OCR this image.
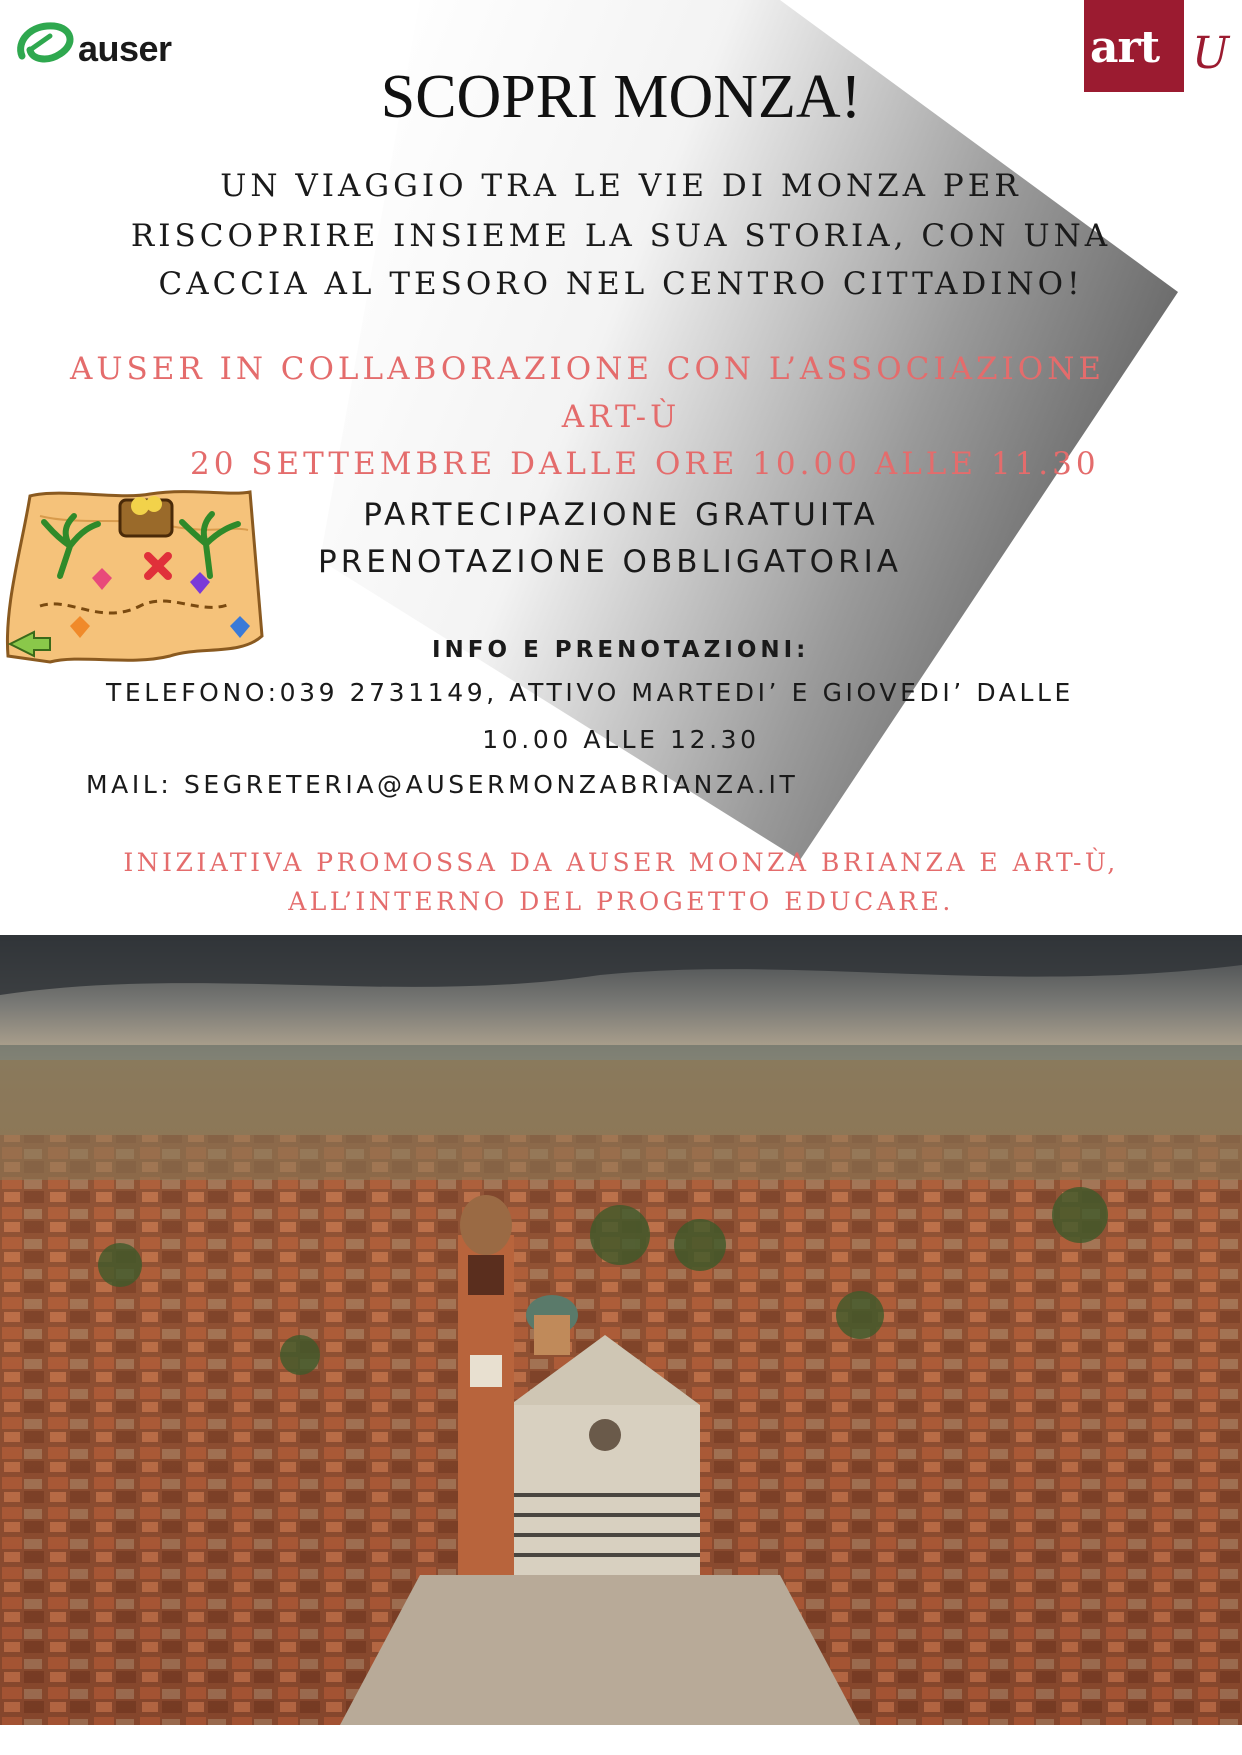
auser	art U
SCOPRI MONZA!
UN VIAGGIO TRA LE VIE DI MONZA PER
RISCOPRIRE INSIEME LA SUA STORIA, CON UNA
CACCIA AL TESORO NEL CENTRO CITTADINO!
AUSER IN COLLABORAZIONE CON L’ASSOCIAZIONE
ART-Ù
20 SETTEMBRE DALLE ORE 10.00 ALLE 11.30
PARTECIPAZIONE GRATUITA
PRENOTAZIONE OBBLIGATORIA
INFO E PRENOTAZIONI:
TELEFONO:039 2731149, ATTIVO MARTEDI’ E GIOVEDI’ DALLE
10.00 ALLE 12.30
MAIL: SEGRETERIA@AUSERMONZABRIANZA.IT
INIZIATIVA PROMOSSA DA AUSER MONZA BRIANZA E ART-Ù,
ALL’INTERNO DEL PROGETTO EDUCARE.
